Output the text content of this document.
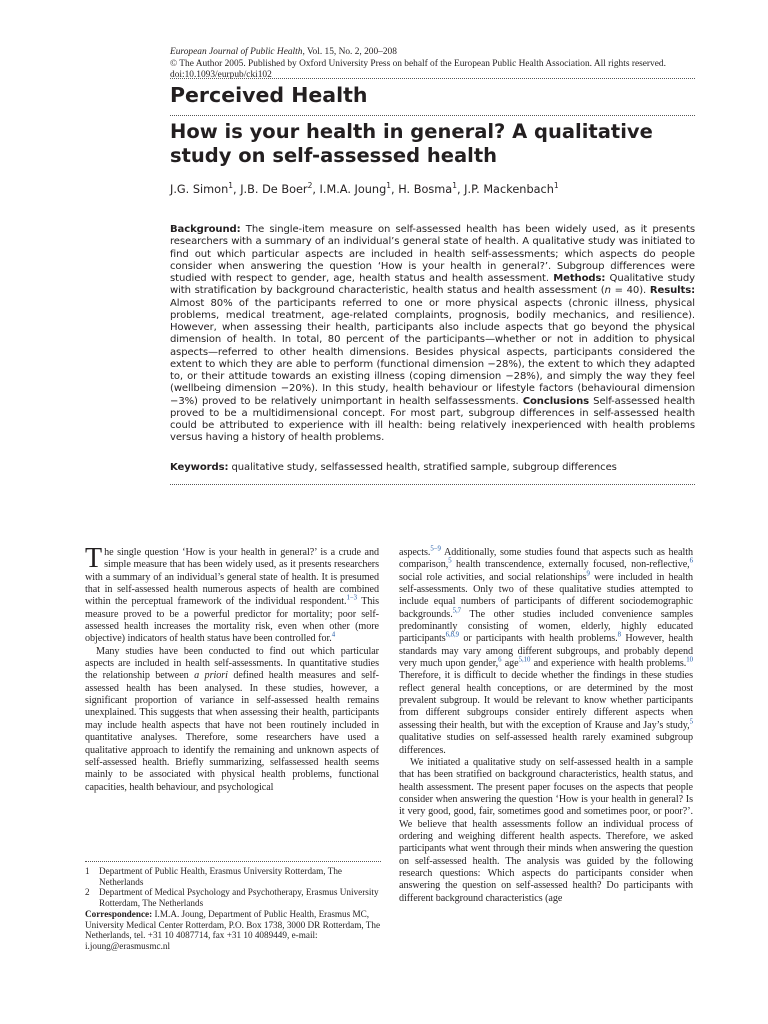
European Journal of Public Health, Vol. 15, No. 2, 200–208
© The Author 2005. Published by Oxford University Press on behalf of the European Public Health Association. All rights reserved.
doi:10.1093/eurpub/cki102
Perceived Health
How is your health in general? A qualitative
study on self-assessed health
J.G. Simon$^1$, J.B. De Boer$^2$, I.M.A. Joung$^1$, H. Bosma$^1$, J.P. Mackenbach$^1$
Background: The single-item measure on self-assessed health has been widely used, as it presents researchers with a summary of an individual’s general state of health. A qualitative study was initiated to find out which particular aspects are included in health self-assessments; which aspects do people consider when answering the question ‘How is your health in general?’. Subgroup differences were studied with respect to gender, age, health status and health assessment. Methods: Qualitative study with stratification by background characteristic, health status and health assessment (n = 40). Results: Almost 80% of the participants referred to one or more physical aspects (chronic illness, physical problems, medical treatment, age-related complaints, prognosis, bodily mechanics, and resilience). However, when assessing their health, participants also include aspects that go beyond the physical dimension of health. In total, 80 percent of the participants—whether or not in addition to physical aspects—referred to other health dimensions. Besides physical aspects, participants considered the extent to which they are able to perform (functional dimension −28%), the extent to which they adapted to, or their attitude towards an existing illness (coping dimension −28%), and simply the way they feel (wellbeing dimension −20%). In this study, health behaviour or lifestyle factors (behavioural dimension −3%) proved to be relatively unimportant in health selfassessments. Conclusions Self-assessed health proved to be a multidimensional concept. For most part, subgroup differences in self-assessed health could be attributed to experience with ill health: being relatively inexperienced with health problems versus having a history of health problems.
Keywords: qualitative study, selfassessed health, stratified sample, subgroup differences

The single question ‘How is your health in general?’ is a crude and simple measure that has been widely used, as it presents researchers with a summary of an individual’s general state of health. It is presumed that in self-assessed health numerous aspects of health are combined within the perceptual framework of the individual respondent.$^{1-3}$ This measure proved to be a powerful predictor for mortality; poor self-assessed health increases the mortality risk, even when other (more objective) indicators of health status have been controlled for.$^4$

Many studies have been conducted to find out which particular aspects are included in health self-assessments. In quantitative studies the relationship between a priori defined health measures and self-assessed health has been analysed. In these studies, however, a significant proportion of variance in self-assessed health remains unexplained. This suggests that when assessing their health, participants may include health aspects that have not been routinely included in quantitative analyses. Therefore, some researchers have used a qualitative approach to identify the remaining and unknown aspects of self-assessed health. Briefly summarizing, selfassessed health seems mainly to be associated with physical health problems, functional capacities, health behaviour, and psychological

aspects.$^{5-9}$ Additionally, some studies found that aspects such as health comparison,$^5$ health transcendence, externally focused, non-reflective,$^6$ social role activities, and social relationships$^9$ were included in health self-assessments. Only two of these qualitative studies attempted to include equal numbers of participants of different sociodemographic backgrounds.$^{5,7}$ The other studies included convenience samples predominantly consisting of women, elderly, highly educated participants$^{6,8,9}$ or participants with health problems.$^8$ However, health standards may vary among different subgroups, and probably depend very much upon gender,$^6$ age$^{5,10}$ and experience with health problems.$^{10}$ Therefore, it is difficult to decide whether the findings in these studies reflect general health conceptions, or are determined by the most prevalent subgroup. It would be relevant to know whether participants from different subgroups consider entirely different aspects when assessing their health, but with the exception of Krause and Jay’s study,$^5$ qualitative studies on self-assessed health rarely examined subgroup differences.

We initiated a qualitative study on self-assessed health in a sample that has been stratified on background characteristics, health status, and health assessment. The present paper focuses on the aspects that people consider when answering the question ‘How is your health in general? Is it very good, good, fair, sometimes good and sometimes poor, or poor?’. We believe that health assessments follow an individual process of ordering and weighing different health aspects. Therefore, we asked participants what went through their minds when answering the question on self-assessed health. The analysis was guided by the following research questions: Which aspects do participants consider when answering the question on self-assessed health? Do participants with different background characteristics (age

1	Department of Public Health, Erasmus University Rotterdam, The Netherlands
2	Department of Medical Psychology and Psychotherapy, Erasmus University Rotterdam, The Netherlands
Correspondence: I.M.A. Joung, Department of Public Health, Erasmus MC, University Medical Center Rotterdam, P.O. Box 1738, 3000 DR Rotterdam, The Netherlands, tel. +31 10 4087714, fax +31 10 4089449, e-mail: i.joung@erasmusmc.nl
